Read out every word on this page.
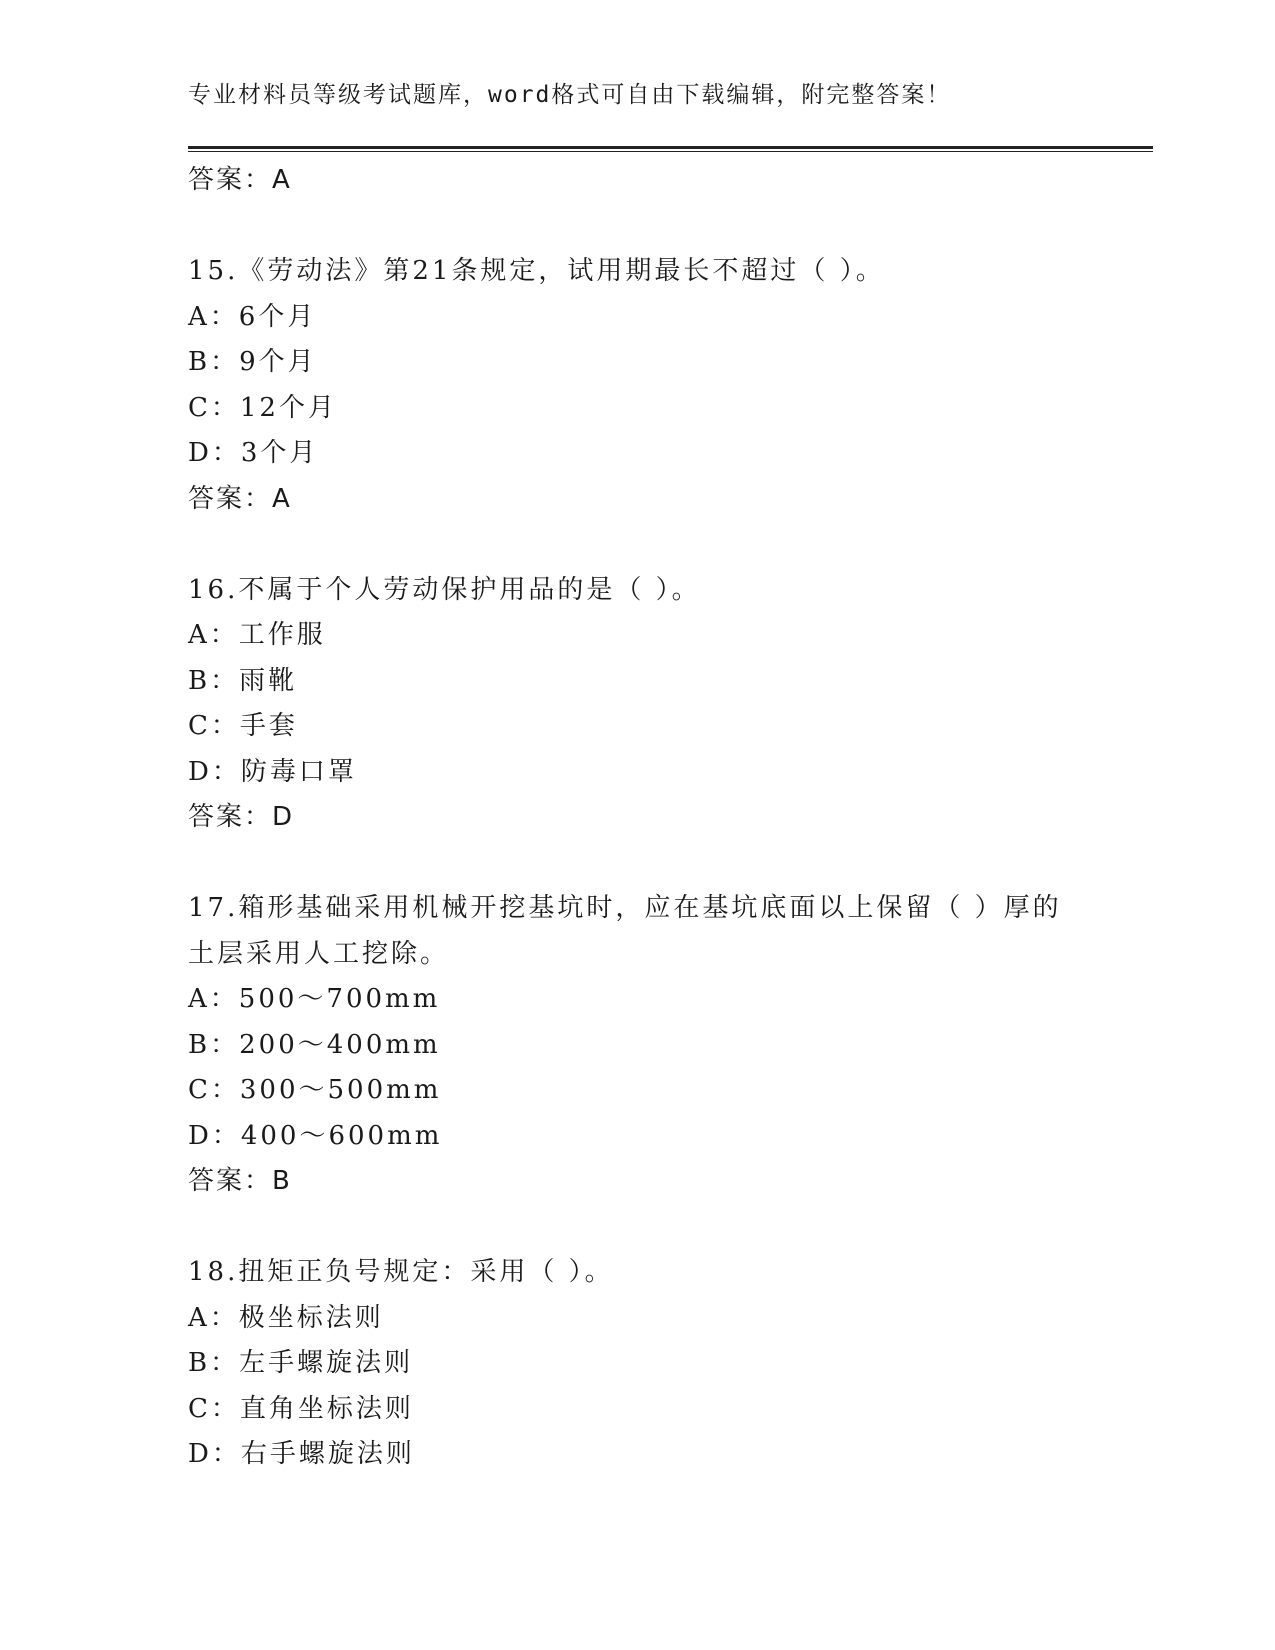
专业材料员等级考试题库，word格式可自由下载编辑，附完整答案！
答案：A
15.《劳动法》第21条规定，试用期最长不超过（ ）。
A：6个月
B：9个月
C：12个月
D：3个月
答案：A
16.不属于个人劳动保护用品的是（ ）。
A：工作服
B：雨靴
C：手套
D：防毒口罩
答案：D
17.箱形基础采用机械开挖基坑时，应在基坑底面以上保留（ ）厚的
土层采用人工挖除。
A：500～700mm
B：200～400mm
C：300～500mm
D：400～600mm
答案：B
18.扭矩正负号规定：采用（ ）。
A：极坐标法则
B：左手螺旋法则
C：直角坐标法则
D：右手螺旋法则
